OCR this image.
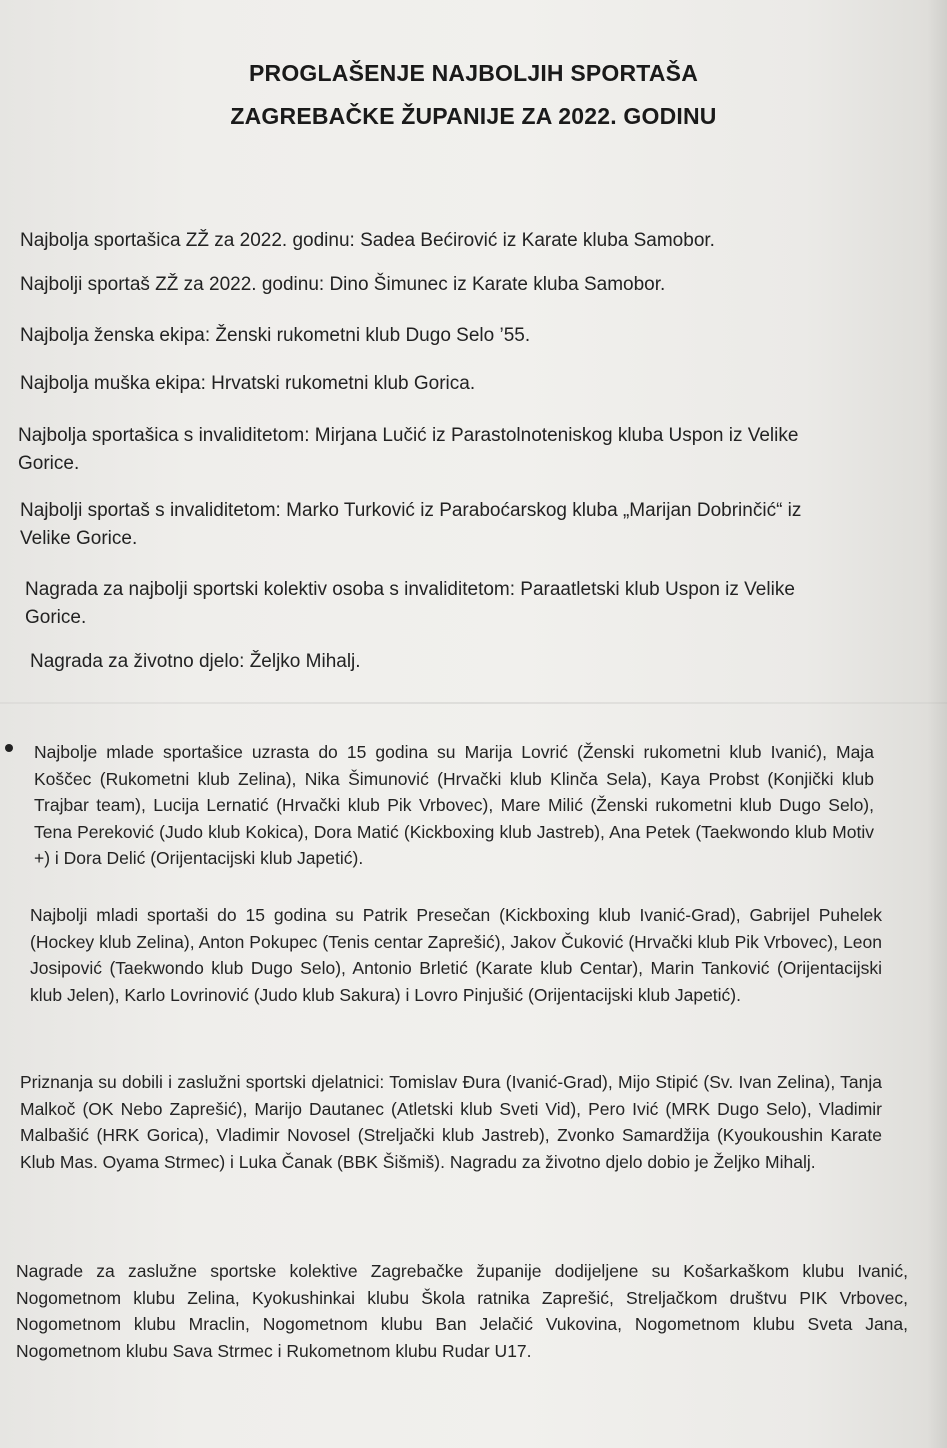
PROGLAŠENJE NAJBOLJIH SPORTAŠA
ZAGREBAČKE ŽUPANIJE ZA 2022. GODINU
Najbolja sportašica ZŽ za 2022. godinu: Sadea Bećirović iz Karate kluba Samobor.
Najbolji sportaš ZŽ za 2022. godinu: Dino Šimunec iz Karate kluba Samobor.
Najbolja ženska ekipa: Ženski rukometni klub Dugo Selo ’55.
Najbolja muška ekipa: Hrvatski rukometni klub Gorica.
Najbolja sportašica s invaliditetom: Mirjana Lučić iz Parastolnoteniskog kluba Uspon iz Velike
Gorice.
Najbolji sportaš s invaliditetom: Marko Turković iz Paraboćarskog kluba „Marijan Dobrinčić“ iz
Velike Gorice.
Nagrada za najbolji sportski kolektiv osoba s invaliditetom: Paraatletski klub Uspon iz Velike
Gorice.
Nagrada za životno djelo: Željko Mihalj.
Najbolje mlade sportašice uzrasta do 15 godina su Marija Lovrić (Ženski rukometni klub Ivanić), Maja Koščec (Rukometni klub Zelina), Nika Šimunović (Hrvački klub Klinča Sela), Kaya Probst (Konjički klub Trajbar team), Lucija Lernatić (Hrvački klub Pik Vrbovec), Mare Milić (Ženski rukometni klub Dugo Selo), Tena Pereković (Judo klub Kokica), Dora Matić (Kickboxing klub Jastreb), Ana Petek (Taekwondo klub Motiv +) i Dora Delić (Orijentacijski klub Japetić).
Najbolji mladi sportaši do 15 godina su Patrik Presečan (Kickboxing klub Ivanić-Grad), Gabrijel Puhelek (Hockey klub Zelina), Anton Pokupec (Tenis centar Zaprešić), Jakov Čuković (Hrvački klub Pik Vrbovec), Leon Josipović (Taekwondo klub Dugo Selo), Antonio Brletić (Karate klub Centar), Marin Tanković (Orijentacijski klub Jelen), Karlo Lovrinović (Judo klub Sakura) i Lovro Pinjušić (Orijentacijski klub Japetić).
Priznanja su dobili i zaslužni sportski djelatnici: Tomislav Đura (Ivanić-Grad), Mijo Stipić (Sv. Ivan Zelina), Tanja Malkoč (OK Nebo Zaprešić), Marijo Dautanec (Atletski klub Sveti Vid), Pero Ivić (MRK Dugo Selo), Vladimir Malbašić (HRK Gorica), Vladimir Novosel (Streljački klub Jastreb), Zvonko Samardžija (Kyoukoushin Karate Klub Mas. Oyama Strmec) i Luka Čanak (BBK Šišmiš). Nagradu za životno djelo dobio je Željko Mihalj.
Nagrade za zaslužne sportske kolektive Zagrebačke županije dodijeljene su Košarkaškom klubu Ivanić, Nogometnom klubu Zelina, Kyokushinkai klubu Škola ratnika Zaprešić, Streljačkom društvu PIK Vrbovec, Nogometnom klubu Mraclin, Nogometnom klubu Ban Jelačić Vukovina, Nogometnom klubu Sveta Jana, Nogometnom klubu Sava Strmec i Rukometnom klubu Rudar U17.
